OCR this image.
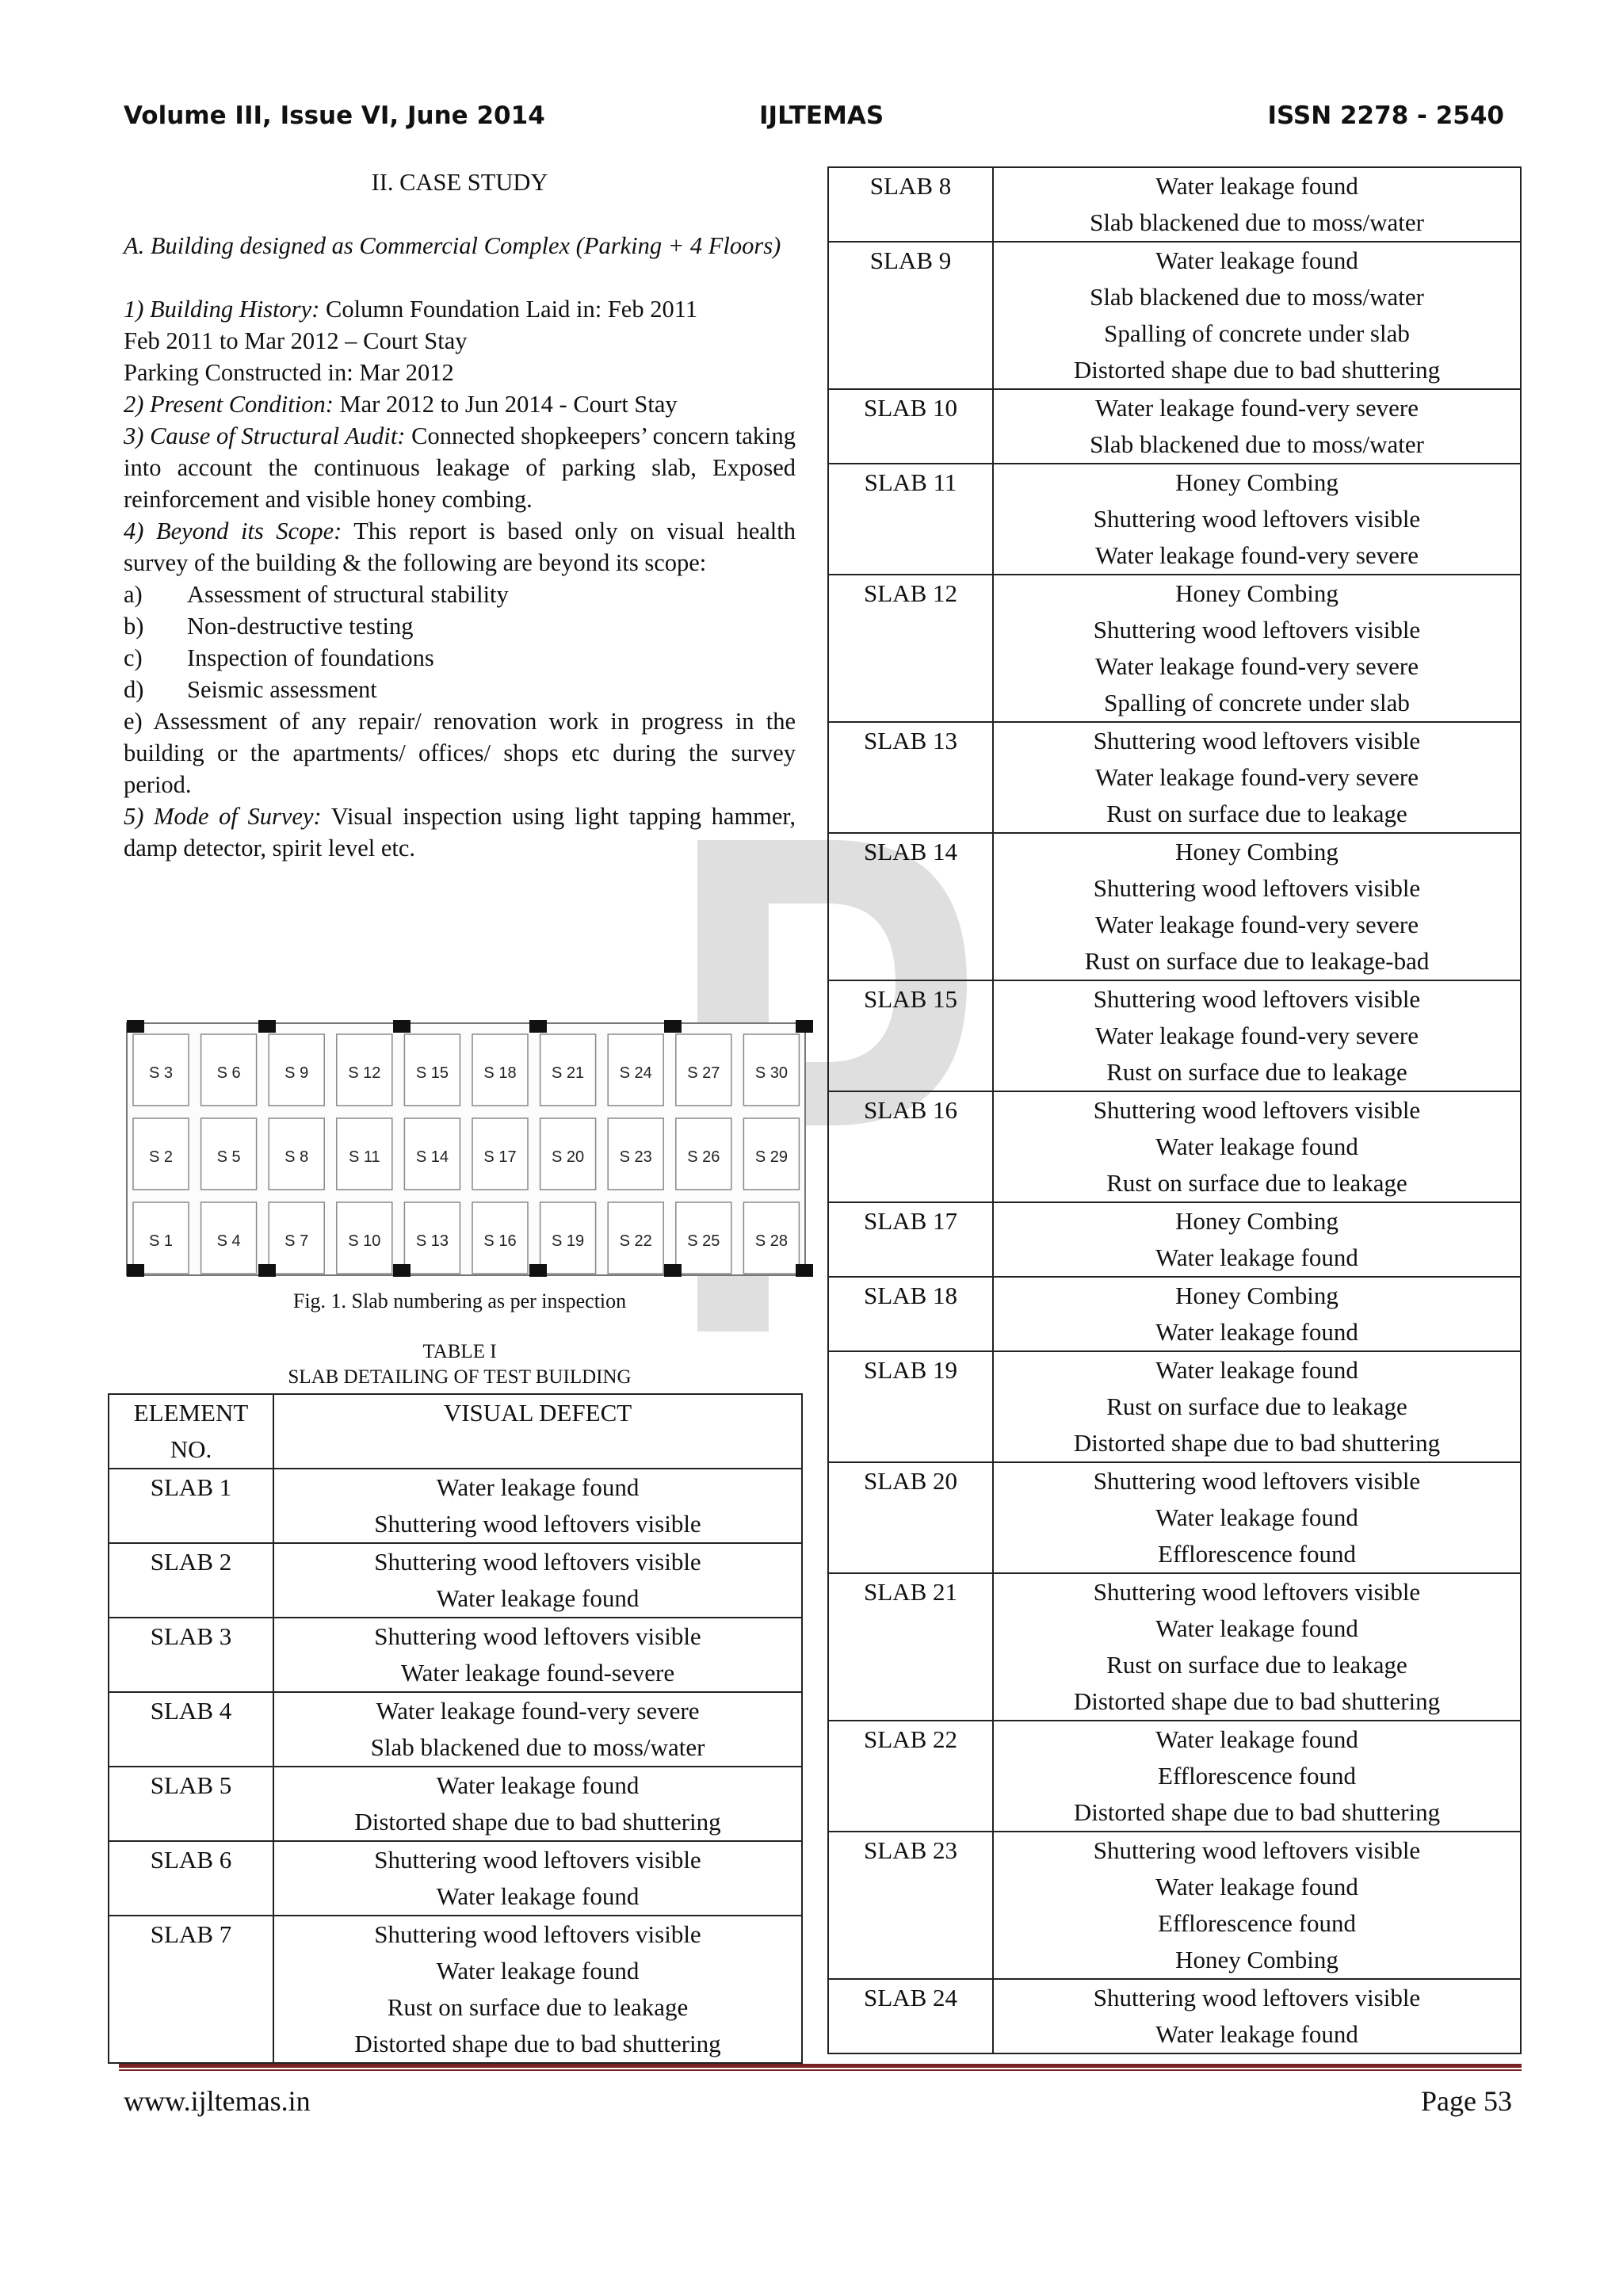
Volume III, Issue VI, June 2014	IJLTEMAS	ISSN 2278 - 2540

II. CASE STUDY

A. Building designed as Commercial Complex (Parking + 4 Floors)

1) Building History: Column Foundation Laid in: Feb 2011

Feb 2011 to Mar 2012 – Court Stay

Parking Constructed in: Mar 2012

2) Present Condition: Mar 2012 to Jun 2014 - Court Stay

3) Cause of Structural Audit: Connected shopkeepers’ concern taking into account the continuous leakage of parking slab, Exposed reinforcement and visible honey combing.

4) Beyond its Scope: This report is based only on visual health survey of the building & the following are beyond its scope:

a)	Assessment of structural stability
b)	Non-destructive testing
c)	Inspection of foundations
d)	Seismic assessment

e) Assessment of any repair/ renovation work in progress in the building or the apartments/ offices/ shops etc during the survey period.

5) Mode of Survey: Visual inspection using light tapping hammer, damp detector, spirit level etc.

S 3	S 6	S 9	S 12 S 15 S 18 S 21 S 24 S 27 S 30
S 2	S 5	S 8	S 11 S 14 S 17 S 20 S 23 S 26 S 29
S 1	S 4	S 7	S 10 S 13 S 16 S 19 S 22 S 25 S 28
Fig. 1. Slab numbering as per inspection
TABLE I
SLAB DETAILING OF TEST BUILDING
ELEMENT NO.	VISUAL DEFECT
SLAB 1	Water leakage found
Shuttering wood leftovers visible

SLAB 2	Shuttering wood leftovers visible
Water leakage found

SLAB 3	Shuttering wood leftovers visible
Water leakage found-severe

SLAB 4	Water leakage found-very severe
Slab blackened due to moss/water

SLAB 5	Water leakage found
Distorted shape due to bad shuttering

SLAB 6	Shuttering wood leftovers visible
Water leakage found

SLAB 7	Shuttering wood leftovers visible
Water leakage found
Rust on surface due to leakage
Distorted shape due to bad shuttering
SLAB 8	Water leakage found
Slab blackened due to moss/water

SLAB 9	Water leakage found
Slab blackened due to moss/water
Spalling of concrete under slab
Distorted shape due to bad shuttering

SLAB 10	Water leakage found-very severe
Slab blackened due to moss/water

SLAB 11	Honey Combing
Shuttering wood leftovers visible
Water leakage found-very severe

SLAB 12	Honey Combing
Shuttering wood leftovers visible
Water leakage found-very severe
Spalling of concrete under slab

SLAB 13	Shuttering wood leftovers visible
Water leakage found-very severe
Rust on surface due to leakage

SLAB 14	Honey Combing
Shuttering wood leftovers visible
Water leakage found-very severe
Rust on surface due to leakage-bad

SLAB 15	Shuttering wood leftovers visible
Water leakage found-very severe
Rust on surface due to leakage

SLAB 16	Shuttering wood leftovers visible
Water leakage found
Rust on surface due to leakage

SLAB 17	Honey Combing
Water leakage found

SLAB 18	Honey Combing
Water leakage found

SLAB 19	Water leakage found
Rust on surface due to leakage
Distorted shape due to bad shuttering

SLAB 20	Shuttering wood leftovers visible
Water leakage found
Efflorescence found

SLAB 21	Shuttering wood leftovers visible
Water leakage found
Rust on surface due to leakage
Distorted shape due to bad shuttering

SLAB 22	Water leakage found
Efflorescence found
Distorted shape due to bad shuttering

SLAB 23	Shuttering wood leftovers visible
Water leakage found
Efflorescence found
Honey Combing

SLAB 24	Shuttering wood leftovers visible
Water leakage found
www.ijltemas.in	Page 53
